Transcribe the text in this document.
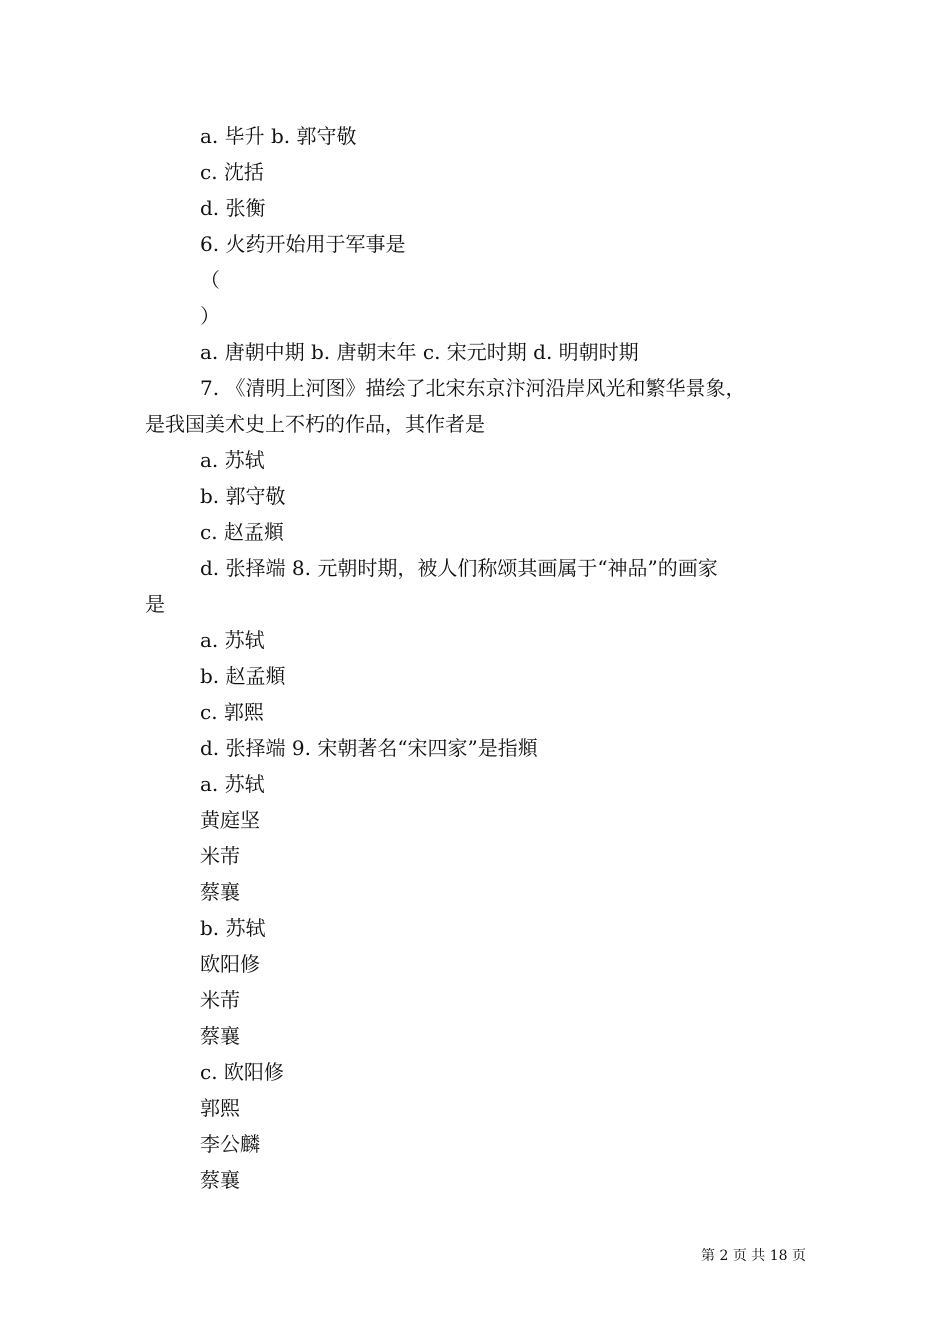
a. 毕升 b. 郭守敬
c. 沈括
d. 张衡
6. 火药开始用于军事是
（
）
a. 唐朝中期 b. 唐朝末年 c. 宋元时期 d. 明朝时期
7. 《清明上河图》描绘了北宋东京汴河沿岸风光和繁华景象，
是我国美术史上不朽的作品，其作者是
a. 苏轼
b. 郭守敬
c. 赵孟頫
d. 张择端 8. 元朝时期，被人们称颂其画属于“神品”的画家
是
a. 苏轼
b. 赵孟頫
c. 郭熙
d. 张择端 9. 宋朝著名“宋四家”是指頫
a. 苏轼
黄庭坚
米芾
蔡襄
b. 苏轼
欧阳修
米芾
蔡襄
c. 欧阳修
郭熙
李公麟
蔡襄
第 2 页 共 18 页
